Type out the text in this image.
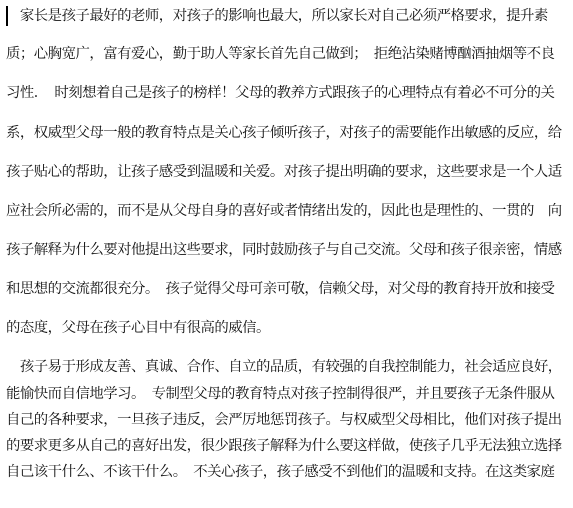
　家长是孩子最好的老师，对孩子的影响也最大，所以家长对自己必须严格要求，提升素
质；心胸宽广，富有爱心，勤于助人等家长首先自己做到；　拒绝沾染赌博酗酒抽烟等不良
习性．　时刻想着自己是孩子的榜样！父母的教养方式跟孩子的心理特点有着必不可分的关
系，权威型父母一般的教育特点是关心孩子倾听孩子，对孩子的需要能作出敏感的反应，给
孩子贴心的帮助，让孩子感受到温暖和关爱。对孩子提出明确的要求，这些要求是一个人适
应社会所必需的，而不是从父母自身的喜好或者情绪出发的，因此也是理性的、一贯的　向
孩子解释为什么要对他提出这些要求，同时鼓励孩子与自己交流。父母和孩子很亲密，情感
和思想的交流都很充分。　孩子觉得父母可亲可敬，信赖父母，对父母的教育持开放和接受
的态度，父母在孩子心目中有很高的威信。
　孩子易于形成友善、真诚、合作、自立的品质，有较强的自我控制能力，社会适应良好，
能愉快而自信地学习。　专制型父母的教育特点对孩子控制得很严，并且要孩子无条件服从
自己的各种要求，一旦孩子违反，会严厉地惩罚孩子。与权威型父母相比，他们对孩子提出
的要求更多从自己的喜好出发，很少跟孩子解释为什么要这样做，使孩子几乎无法独立选择
自己该干什么、不该干什么。　不关心孩子，孩子感受不到他们的温暖和支持。在这类家庭
